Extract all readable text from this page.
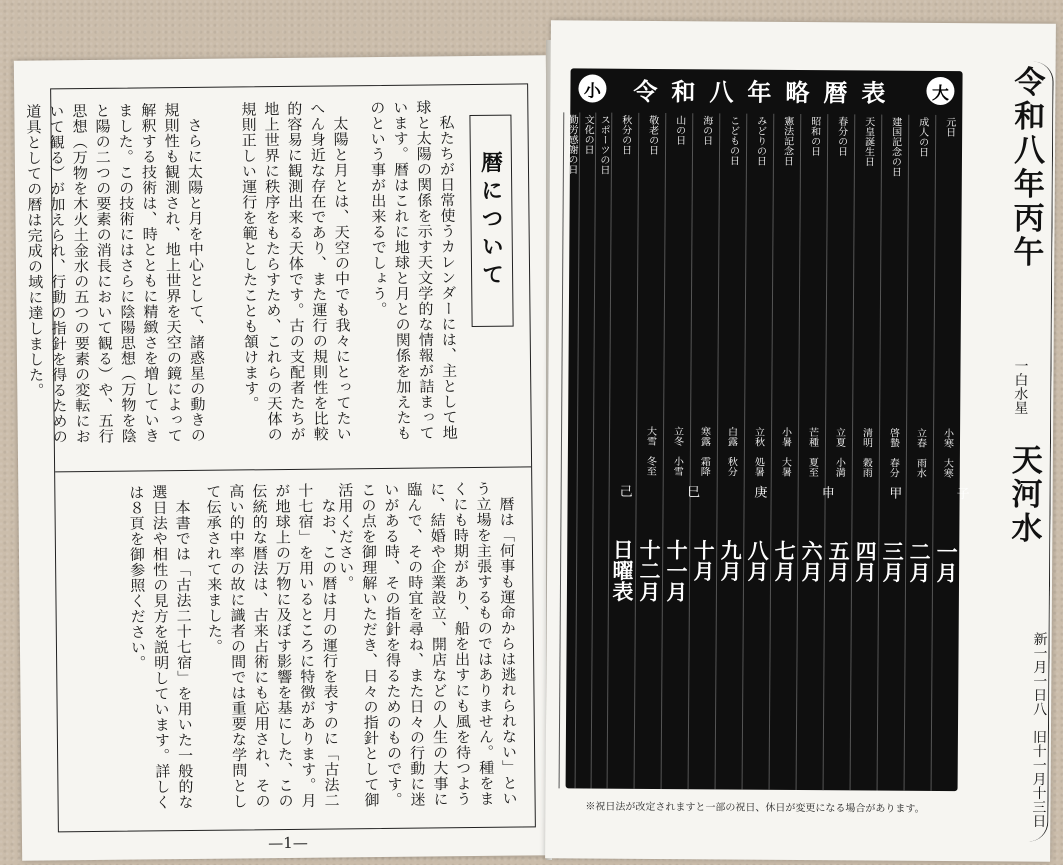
暦について
　私たちが日常使うカレンダーには、主として地球と太陽の関係を示す天文学的な情報が詰まっています。暦はこれに地球と月との関係を加えたものという事が出来るでしょう。
　太陽と月とは、天空の中でも我々にとってたいへん身近な存在であり、また運行の規則性を比較的容易に観測出来る天体です。古の支配者たちが地上世界に秩序をもたらすため、これらの天体の規則正しい運行を範としたことも頷けます。
　さらに太陽と月を中心として、諸惑星の動きの規則性も観測され、地上世界を天空の鏡によって解釈する技術は、時とともに精緻さを増していきました。この技術にはさらに陰陽思想（万物を陰と陽の二つの要素の消長において観る）や、五行思想（万物を木火土金水の五つの要素の変転において観る）が加えられ、行動の指針を得るための道具としての暦は完成の域に達しました。
　暦は「何事も運命からは逃れられない」という立場を主張するものではありません。種をまくにも時期があり、船を出すにも風を待つように、結婚や企業設立、開店などの人生の大事に臨んで、その時宜を尋ね、また日々の行動に迷いがある時、その指針を得るためのものです。この点を御理解いただき、日々の指針として御活用ください。
　なお、この暦は月の運行を表すのに「古法二十七宿」を用いるところに特徴があります。月が地球上の万物に及ぼす影響を基にした、この伝統的な暦法は、古来占術にも応用され、その高い的中率の故に識者の間では重要な学問として伝承されて来ました。
　本書では「古法二十七宿」を用いた一般的な選日法や相性の見方を説明しています。詳しくは８頁を御参照ください。
—1—
令和八年丙午
一白水星
天河水
新一月一日八　旧十一月十三日
小	大
令和八年略暦表
元日
小寒　大寒
一月
成人の日
立春　雨水
二月
建国記念の日
啓蟄　春分
三月
天皇誕生日
清明　穀雨
四月
春分の日
立夏　小満
五月
昭和の日
芒種　夏至
六月
憲法記念日
小暑　大暑
七月
みどりの日
立秋　処暑
八月
こどもの日
白露　秋分
九月
海の日
寒露　霜降
十月
山の日
立冬　小雪
十一月
敬老の日
大雪　冬至
十二月
秋分の日
日曜表
スポーツの日
文化の日
勤労感謝の日
子
甲
申
庚
巳
己
※祝日法が改定されますと一部の祝日、休日が変更になる場合があります。
